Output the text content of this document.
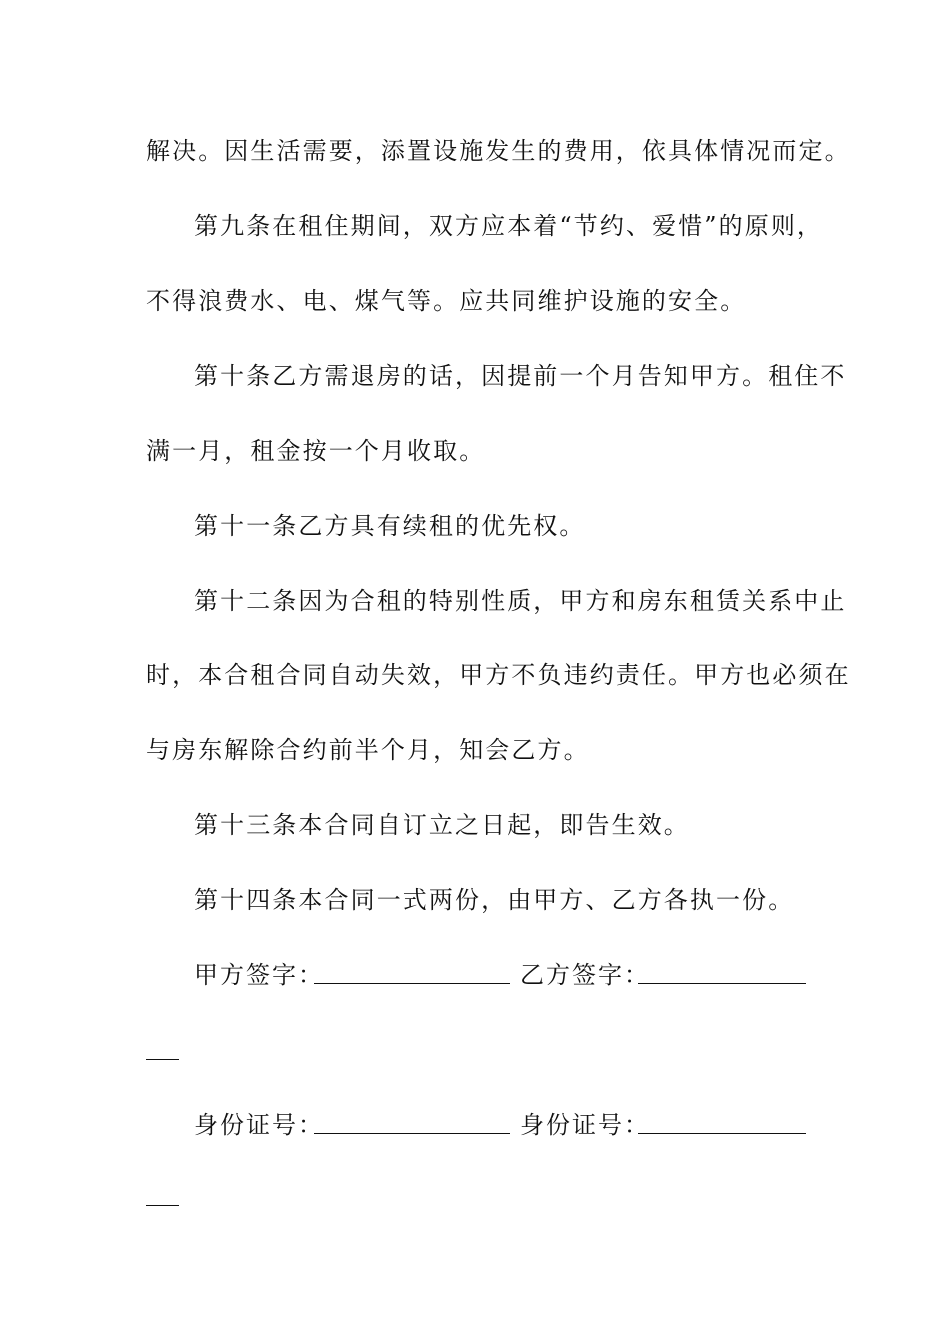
解决。因生活需要，添置设施发生的费用，依具体情况而定。
第九条在租住期间，双方应本着“节约、爱惜”的原则，
不得浪费水、电、煤气等。应共同维护设施的安全。
第十条乙方需退房的话，因提前一个月告知甲方。租住不
满一月，租金按一个月收取。
第十一条乙方具有续租的优先权。
第十二条因为合租的特别性质，甲方和房东租赁关系中止
时，本合租合同自动失效，甲方不负违约责任。甲方也必须在
与房东解除合约前半个月，知会乙方。
第十三条本合同自订立之日起，即告生效。
第十四条本合同一式两份，由甲方、乙方各执一份。
甲方签字：	乙方签字：
身份证号：	身份证号：
